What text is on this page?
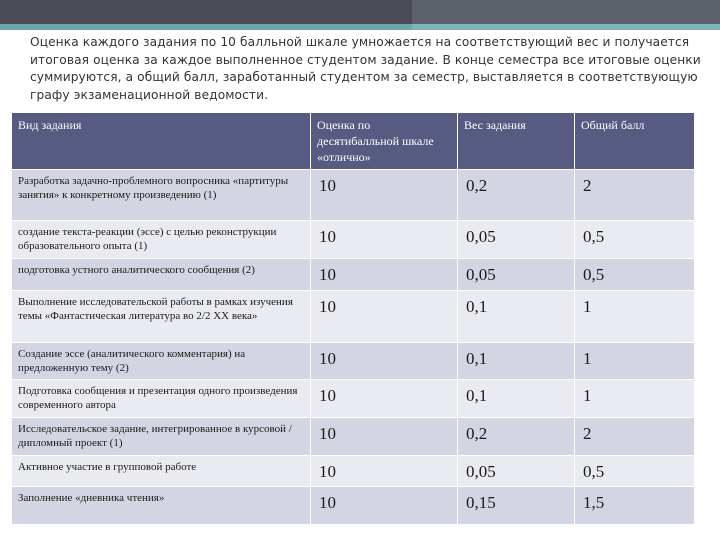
Оценка каждого задания по 10 балльной шкале умножается на соответствующий вес и получается итоговая оценка за каждое выполненное студентом задание. В конце семестра все итоговые оценки суммируются, а общий балл, заработанный студентом за семестр, выставляется в соответствующую графу экзаменационной ведомости.
Вид задания	Оценка по десятибалльной шкале «отлично»	Вес задания	Общий балл
Разработка задачно-проблемного вопросника «партитуры занятия» к конкретному произведению (1)	10	0,2	2
создание текста-реакции (эссе) с целью реконструкции образовательного опыта (1)	10	0,05	0,5
подготовка устного аналитического сообщения (2)	10	0,05	0,5
Выполнение исследовательской работы в рамках изучения темы «Фантастическая литература во 2/2 XX века»	10	0,1	1
Создание эссе (аналитического комментария) на предложенную тему (2)	10	0,1	1
Подготовка сообщения и презентация одного произведения современного автора	10	0,1	1
Исследовательское задание, интегрированное в курсовой / дипломный проект (1)	10	0,2	2
Активное участие в групповой работе	10	0,05	0,5
Заполнение «дневника чтения»	10	0,15	1,5
